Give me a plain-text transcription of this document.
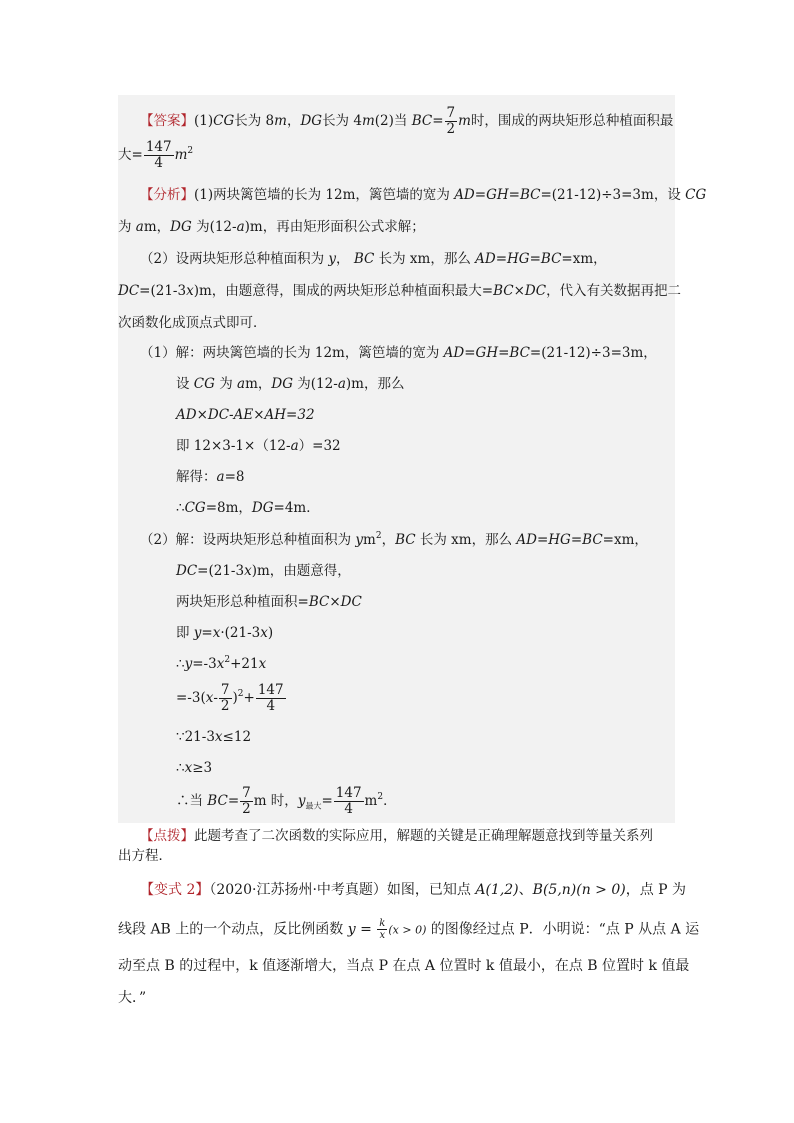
【答案】(1)CG长为 8m，DG长为 4m(2)当 $BC= \frac{7}{2}$ m时，围成的两块矩形总种植面积最
大= $\frac{147}{4} m^2$
【分析】(1)两块篱笆墙的长为 12m，篱笆墙的宽为 AD=GH=BC=(21-12)÷3=3m，设 CG
为 am，DG 为(12-a)m，再由矩形面积公式求解；
（2）设两块矩形总种植面积为 y， BC 长为 xm，那么 AD=HG=BC=xm，
DC=(21-3x)m，由题意得，围成的两块矩形总种植面积最大=BC×DC，代入有关数据再把二
次函数化成顶点式即可．
（1）解：两块篱笆墙的长为 12m，篱笆墙的宽为 AD=GH=BC=(21-12)÷3=3m，
设 CG 为 am，DG 为(12-a)m，那么
AD×DC-AE×AH=32
即 12×3-1×（12-a）=32
解得：a=8
∴CG=8m，DG=4m．
（2）解：设两块矩形总种植面积为 $ym^2$，BC 长为 xm，那么 AD=HG=BC=xm，
DC=(21-3x)m，由题意得，
两块矩形总种植面积=BC×DC
即 y=x·(21-3x)
$\therefore y=-3x^2+21x$
$=-3(x- \frac{7}{2} )^2+ \frac{147}{4}$
∵21-3x≤12
∴x≥3
∴当 $BC= \frac{7}{2}$ m 时，$y_{最大}= \frac{147}{4} m^2$．
【点拨】此题考查了二次函数的实际应用，解题的关键是正确理解题意找到等量关系列
出方程．
【变式 2】（2020·江苏扬州·中考真题）如图，已知点 A(1,2)、B(5,n)(n > 0)，点 P 为
线段 AB 上的一个动点，反比例函数 $y = \frac{k}{x} (x > 0)$ 的图像经过点 P．小明说：“点 P 从点 A 运
动至点 B 的过程中，k 值逐渐增大，当点 P 在点 A 位置时 k 值最小，在点 B 位置时 k 值最
大．”
